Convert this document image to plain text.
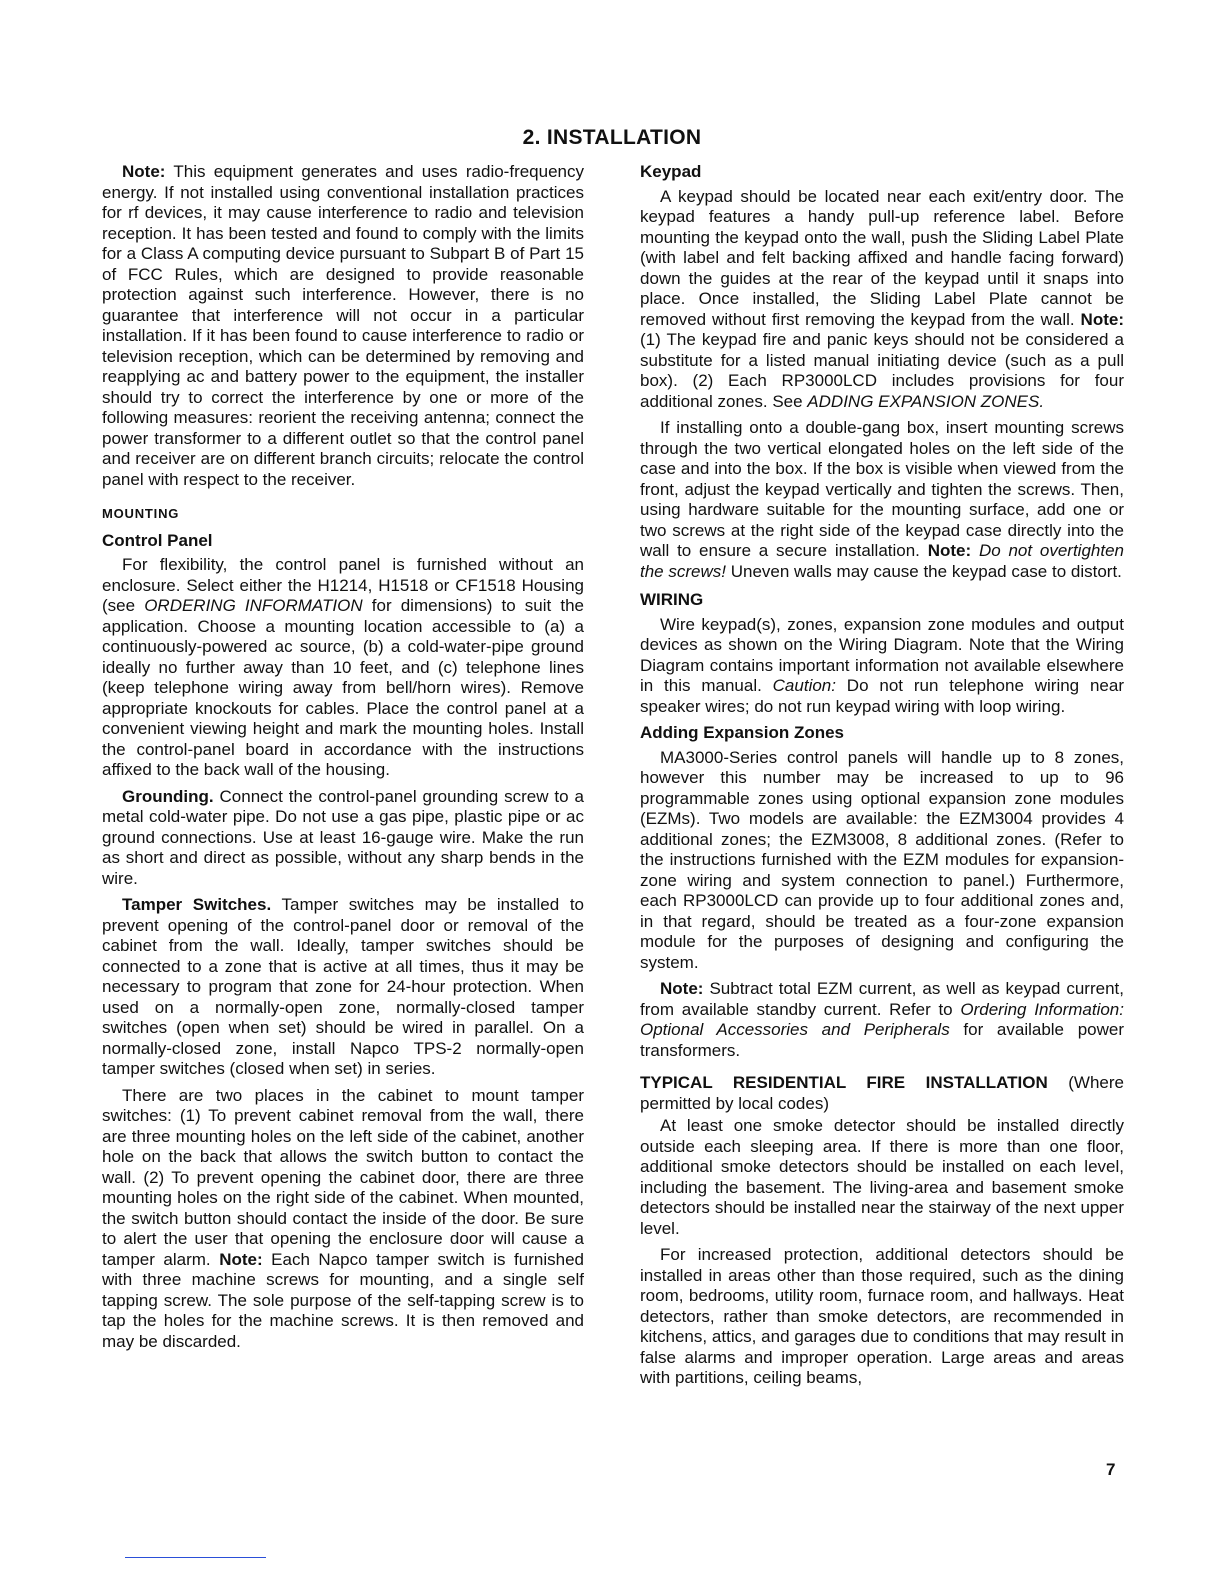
2. INSTALLATION

Note: This equipment generates and uses radio-frequency energy. If not installed using conventional installation practices for rf devices, it may cause interference to radio and television reception. It has been tested and found to comply with the limits for a Class A computing device pursuant to Subpart B of Part 15 of FCC Rules, which are designed to provide reasonable protection against such interference. However, there is no guarantee that interference will not occur in a particular installation. If it has been found to cause interference to radio or television reception, which can be determined by removing and reapplying ac and battery power to the equipment, the installer should try to correct the interference by one or more of the following measures: reorient the receiving antenna; connect the power transformer to a different outlet so that the control panel and receiver are on different branch circuits; relocate the control panel with respect to the receiver.

MOUNTING
Control Panel

For flexibility, the control panel is furnished without an enclosure. Select either the H1214, H1518 or CF1518 Housing (see ORDERING INFORMATION for dimensions) to suit the application. Choose a mounting location accessible to (a) a continuously-powered ac source, (b) a cold-water-pipe ground ideally no further away than 10 feet, and (c) telephone lines (keep telephone wiring away from bell/horn wires). Remove appropriate knockouts for cables. Place the control panel at a convenient viewing height and mark the mounting holes. Install the control-panel board in accordance with the instructions affixed to the back wall of the housing.

Grounding. Connect the control-panel grounding screw to a metal cold-water pipe. Do not use a gas pipe, plastic pipe or ac ground connections. Use at least 16-gauge wire. Make the run as short and direct as possible, without any sharp bends in the wire.

Tamper Switches. Tamper switches may be installed to prevent opening of the control-panel door or removal of the cabinet from the wall. Ideally, tamper switches should be connected to a zone that is active at all times, thus it may be necessary to program that zone for 24-hour protection. When used on a normally-open zone, normally-closed tamper switches (open when set) should be wired in parallel. On a normally-closed zone, install Napco TPS-2 normally-open tamper switches (closed when set) in series.

There are two places in the cabinet to mount tamper switches: (1) To prevent cabinet removal from the wall, there are three mounting holes on the left side of the cabinet, another hole on the back that allows the switch button to contact the wall. (2) To prevent opening the cabinet door, there are three mounting holes on the right side of the cabinet. When mounted, the switch button should contact the inside of the door. Be sure to alert the user that opening the enclosure door will cause a tamper alarm. Note: Each Napco tamper switch is furnished with three machine screws for mounting, and a single self tapping screw. The sole purpose of the self-tapping screw is to tap the holes for the machine screws. It is then removed and may be discarded.

Keypad

A keypad should be located near each exit/entry door. The keypad features a handy pull-up reference label. Before mounting the keypad onto the wall, push the Sliding Label Plate (with label and felt backing affixed and handle facing forward) down the guides at the rear of the keypad until it snaps into place. Once installed, the Sliding Label Plate cannot be removed without first removing the keypad from the wall. Note: (1) The keypad fire and panic keys should not be considered a substitute for a listed manual initiating device (such as a pull box). (2) Each RP3000LCD includes provisions for four additional zones. See ADDING EXPANSION ZONES.

If installing onto a double-gang box, insert mounting screws through the two vertical elongated holes on the left side of the case and into the box. If the box is visible when viewed from the front, adjust the keypad vertically and tighten the screws. Then, using hardware suitable for the mounting surface, add one or two screws at the right side of the keypad case directly into the wall to ensure a secure installation. Note: Do not overtighten the screws! Uneven walls may cause the keypad case to distort.

WIRING

Wire keypad(s), zones, expansion zone modules and output devices as shown on the Wiring Diagram. Note that the Wiring Diagram contains important information not available elsewhere in this manual. Caution: Do not run telephone wiring near speaker wires; do not run keypad wiring with loop wiring.

Adding Expansion Zones

MA3000-Series control panels will handle up to 8 zones, however this number may be increased to up to 96 programmable zones using optional expansion zone modules (EZMs). Two models are available: the EZM3004 provides 4 additional zones; the EZM3008, 8 additional zones. (Refer to the instructions furnished with the EZM modules for expansion-zone wiring and system connection to panel.) Furthermore, each RP3000LCD can provide up to four additional zones and, in that regard, should be treated as a four-zone expansion module for the purposes of designing and configuring the system.

Note: Subtract total EZM current, as well as keypad current, from available standby current. Refer to Ordering Information: Optional Accessories and Peripherals for available power transformers.

TYPICAL RESIDENTIAL FIRE INSTALLATION (Where permitted by local codes)

At least one smoke detector should be installed directly outside each sleeping area. If there is more than one floor, additional smoke detectors should be installed on each level, including the basement. The living-area and basement smoke detectors should be installed near the stairway of the next upper level.

For increased protection, additional detectors should be installed in areas other than those required, such as the dining room, bedrooms, utility room, furnace room, and hallways. Heat detectors, rather than smoke detectors, are recommended in kitchens, attics, and garages due to conditions that may result in false alarms and improper operation. Large areas and areas with partitions, ceiling beams,

7
